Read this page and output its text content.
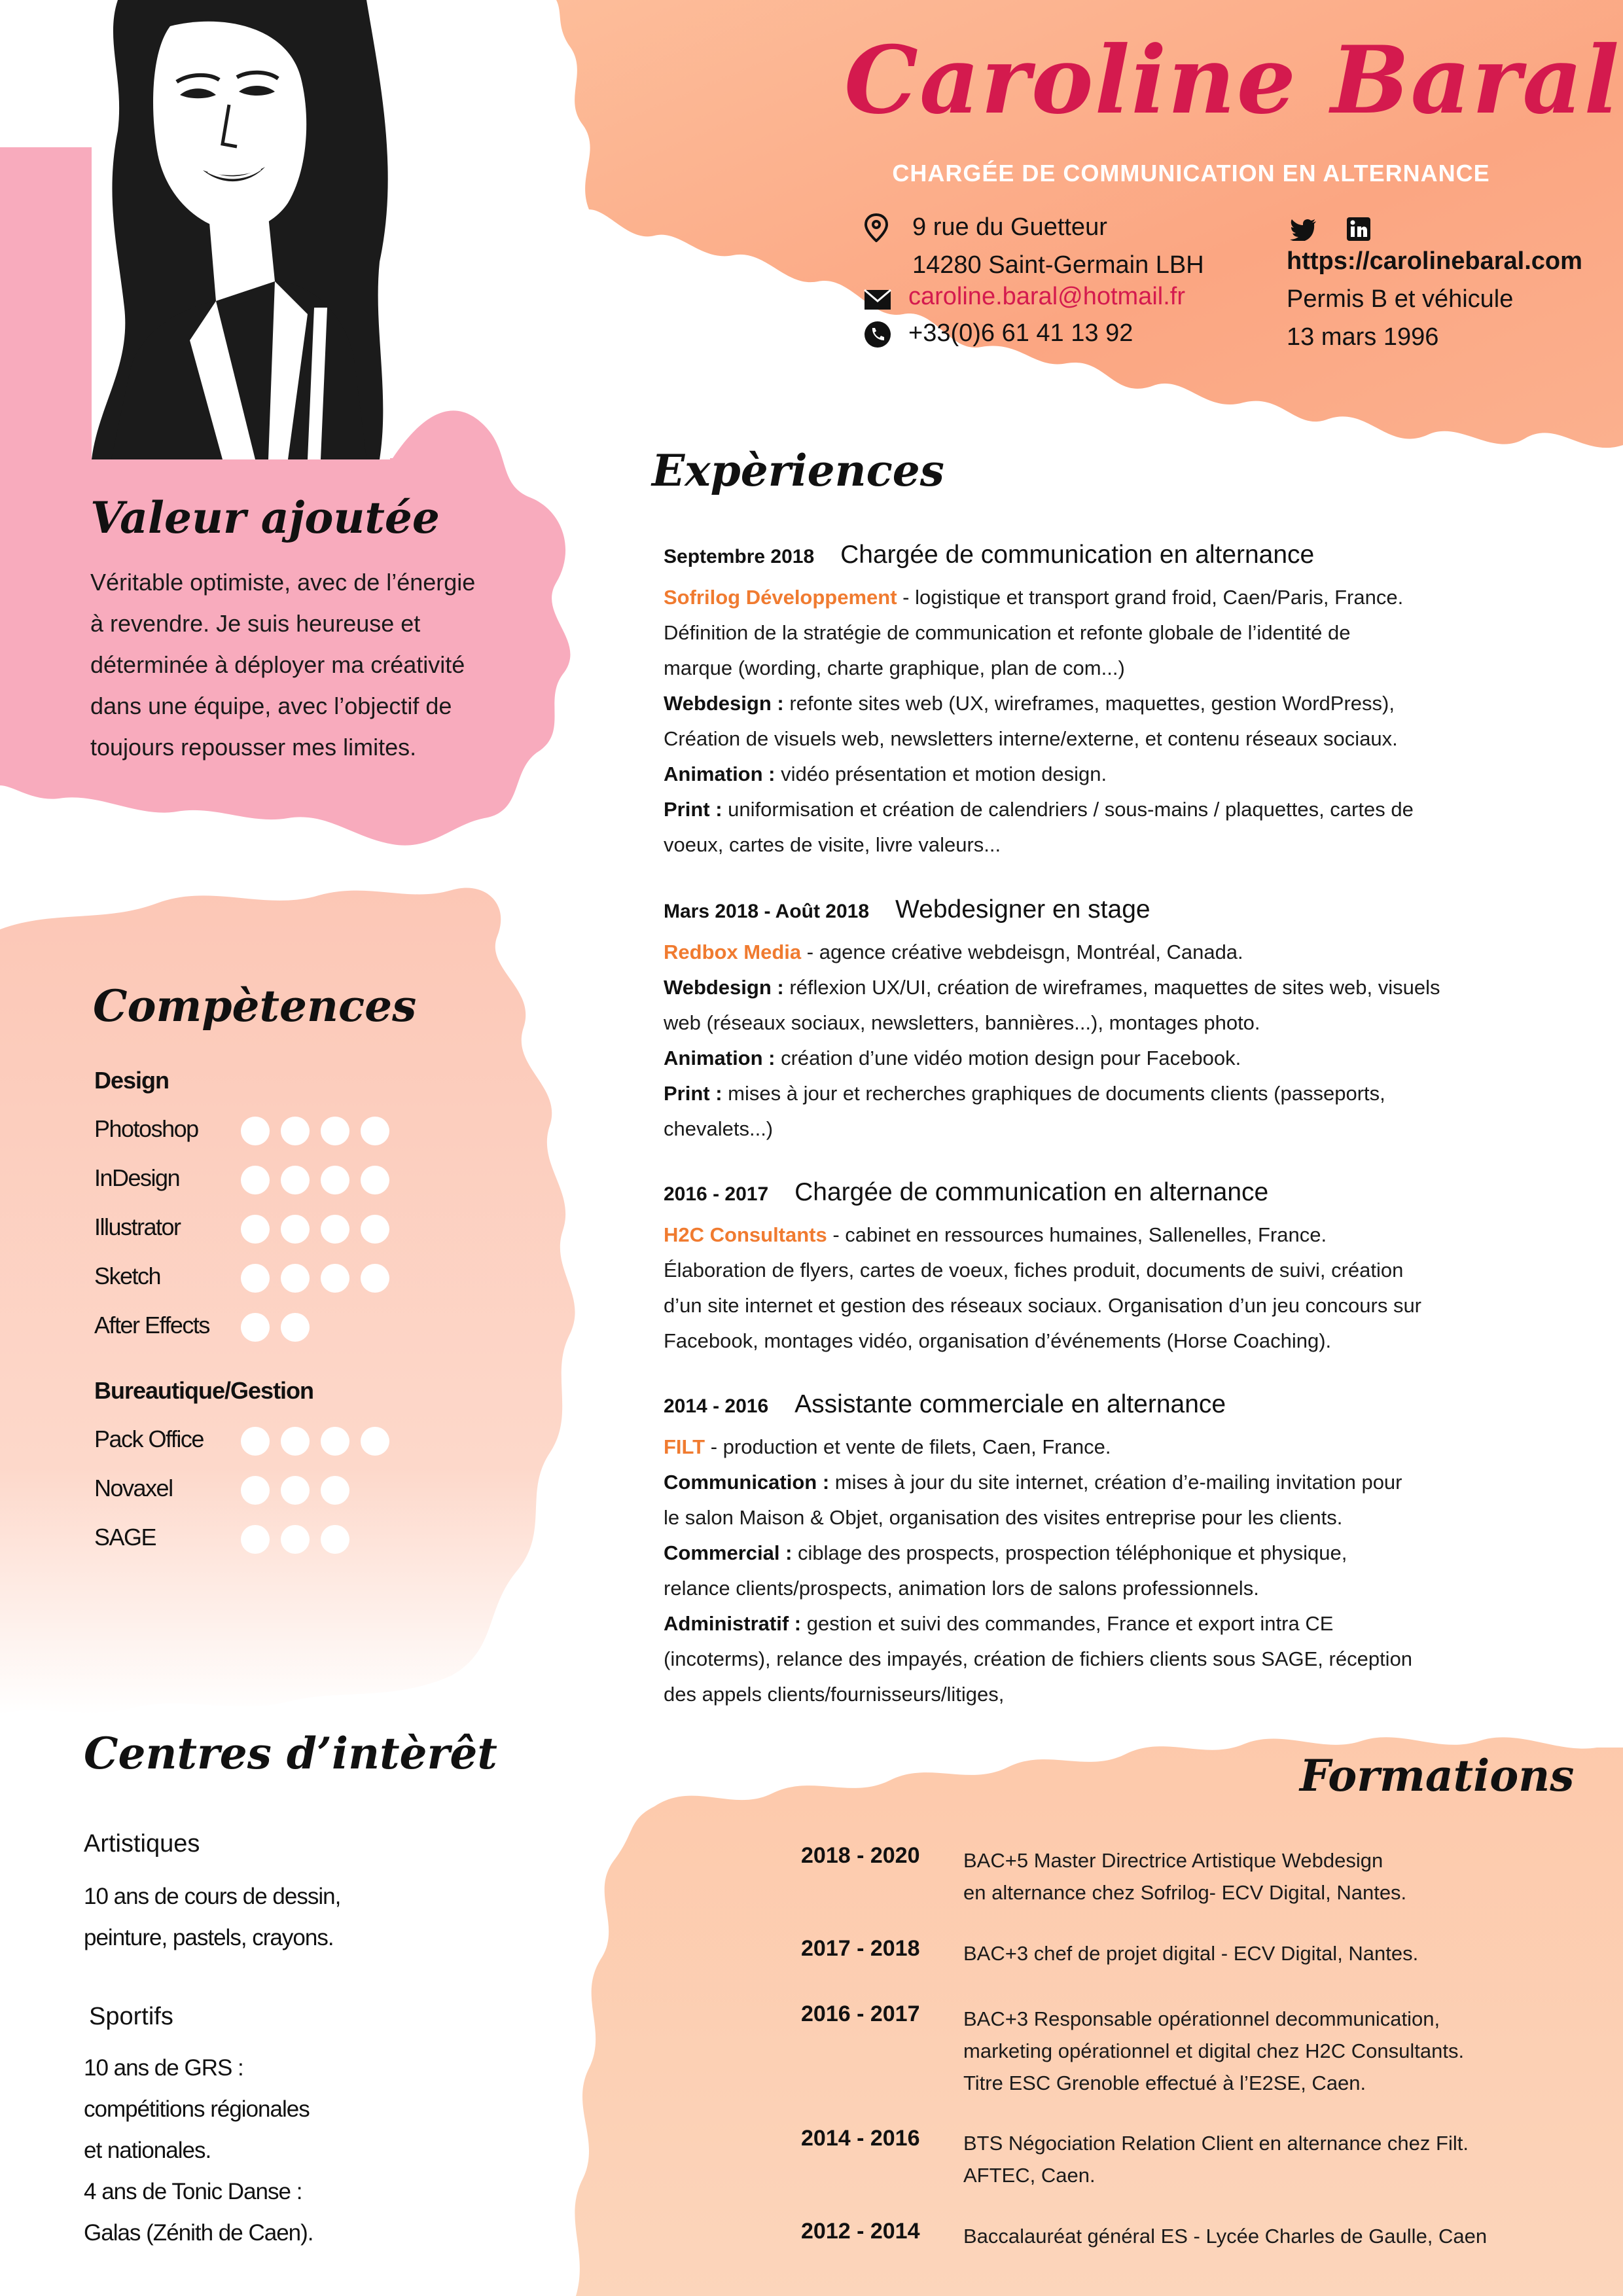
Caroline Baral
CHARGÉE DE COMMUNICATION EN ALTERNANCE
9 rue du Guetteur
14280 Saint-Germain LBH
caroline.baral@hotmail.fr
+33(0)6 61 41 13 92
https://carolinebaral.com
Permis B et véhicule
13 mars 1996
Valeur ajoutée
Véritable optimiste, avec de l’énergie
à revendre. Je suis heureuse et
déterminée à déployer ma créativité
dans une équipe, avec l’objectif de
toujours repousser mes limites.
Compètences
Design
Photoshop
InDesign
Illustrator
Sketch
After Effects
Bureautique/Gestion
Pack Office
Novaxel
SAGE
Centres d’intèrêt
Artistiques
10 ans de cours de dessin,
peinture, pastels, crayons.
Sportifs
10 ans de GRS :
compétitions régionales
et nationales.
4 ans de Tonic Danse :
Galas (Zénith de Caen).
Expèriences
Septembre 2018 Chargée de communication en alternance
Sofrilog Développement - logistique et transport grand froid, Caen/Paris, France.
Définition de la stratégie de communication et refonte globale de l’identité de
marque (wording, charte graphique, plan de com...)
Webdesign : refonte sites web (UX, wireframes, maquettes, gestion WordPress),
Création de visuels web, newsletters interne/externe, et contenu réseaux sociaux.
Animation : vidéo présentation et motion design.
Print : uniformisation et création de calendriers / sous-mains / plaquettes, cartes de
voeux, cartes de visite, livre valeurs...
Mars 2018 - Août 2018 Webdesigner en stage
Redbox Media - agence créative webdeisgn, Montréal, Canada.
Webdesign : réflexion UX/UI, création de wireframes, maquettes de sites web, visuels
web (réseaux sociaux, newsletters, bannières...), montages photo.
Animation : création d’une vidéo motion design pour Facebook.
Print : mises à jour et recherches graphiques de documents clients (passeports,
chevalets...)
2016 - 2017 Chargée de communication en alternance
H2C Consultants - cabinet en ressources humaines, Sallenelles, France.
Élaboration de flyers, cartes de voeux, fiches produit, documents de suivi, création
d’un site internet et gestion des réseaux sociaux. Organisation d’un jeu concours sur
Facebook, montages vidéo, organisation d’événements (Horse Coaching).
2014 - 2016 Assistante commerciale en alternance
FILT - production et vente de filets, Caen, France.
Communication : mises à jour du site internet, création d’e-mailing invitation pour
le salon Maison & Objet, organisation des visites entreprise pour les clients.
Commercial : ciblage des prospects, prospection téléphonique et physique,
relance clients/prospects, animation lors de salons professionnels.
Administratif : gestion et suivi des commandes, France et export intra CE
(incoterms), relance des impayés, création de fichiers clients sous SAGE, réception
des appels clients/fournisseurs/litiges,
Formations
2018 - 2020 BAC+5 Master Directrice Artistique Webdesign
en alternance chez Sofrilog- ECV Digital, Nantes.
2017 - 2018 BAC+3 chef de projet digital - ECV Digital, Nantes.
2016 - 2017 BAC+3 Responsable opérationnel decommunication,
marketing opérationnel et digital chez H2C Consultants.
Titre ESC Grenoble effectué à l’E2SE, Caen.
2014 - 2016 BTS Négociation Relation Client en alternance chez Filt.
AFTEC, Caen.
2012 - 2014 Baccalauréat général ES - Lycée Charles de Gaulle, Caen
